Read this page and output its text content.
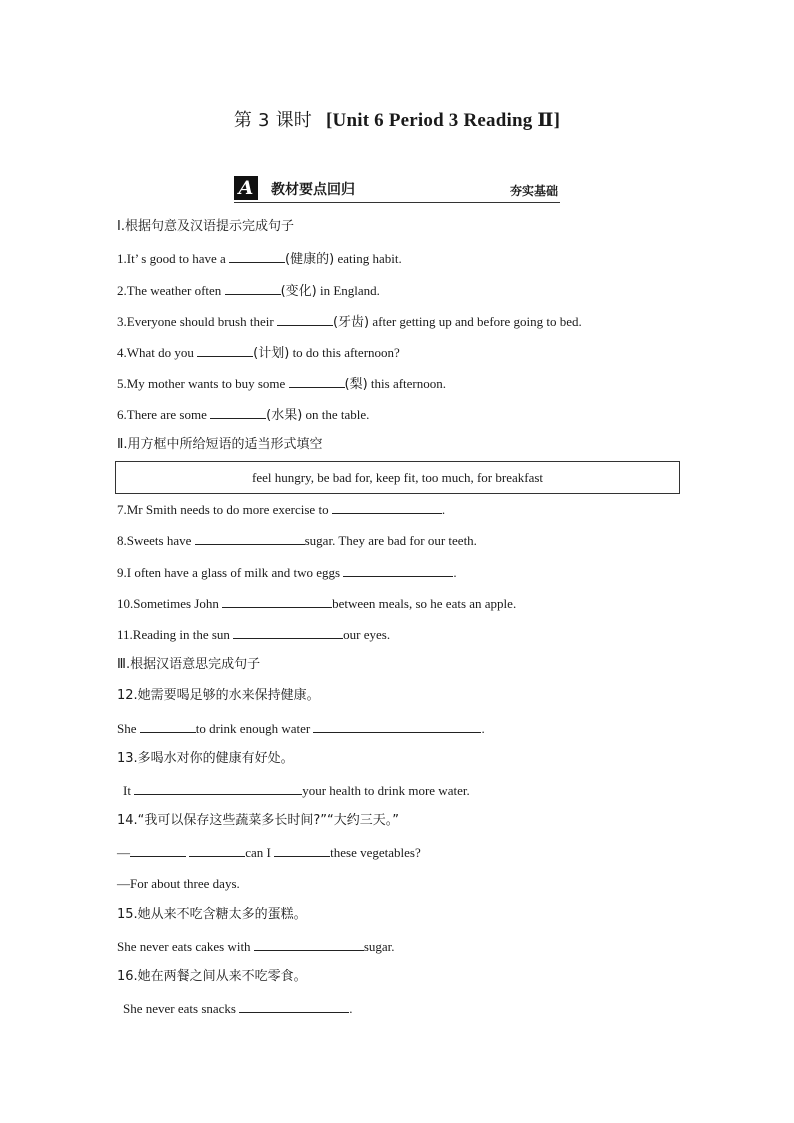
第 3 课时 [Unit 6 Period 3 Reading Ⅱ]
A	教材要点回归	夯实基础
Ⅰ.根据句意及汉语提示完成句子
1.It’ s good to have a	(健康的) eating habit.
2.The weather often	(变化) in England.
3.Everyone should brush their	(牙齿) after getting up and before going to bed.
4.What do you	(计划) to do this afternoon?
5.My mother wants to buy some	(梨) this afternoon.
6.There are some	(水果) on the table.
Ⅱ.用方框中所给短语的适当形式填空
feel hungry, be bad for, keep fit, too much, for breakfast
7.Mr Smith needs to do more exercise to	.
8.Sweets have	sugar. They are bad for our teeth.
9.I often have a glass of milk and two eggs	.
10.Sometimes John	between meals, so he eats an apple.
11.Reading in the sun	our eyes.
Ⅲ.根据汉语意思完成句子
12.她需要喝足够的水来保持健康。
She	to drink enough water	.
13.多喝水对你的健康有好处。
It	your health to drink more water.
14.“我可以保存这些蔬菜多长时间?”“大约三天。”
—	can I	these vegetables?
—For about three days.
15.她从来不吃含糖太多的蛋糕。
She never eats cakes with	sugar.
16.她在两餐之间从来不吃零食。
She never eats snacks	.
